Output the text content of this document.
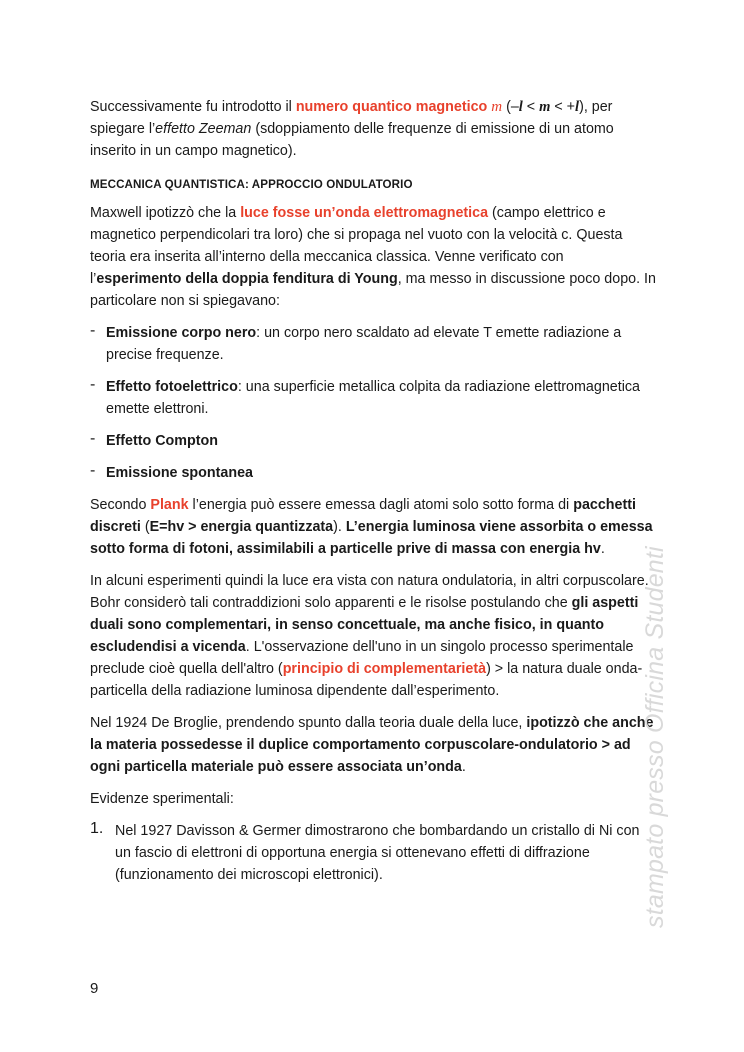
Successivamente fu introdotto il numero quantico magnetico m (–l < m < +l), per
spiegare l’effetto Zeeman (sdoppiamento delle frequenze di emissione di un atomo inserito in un campo magnetico).

MECCANICA QUANTISTICA: APPROCCIO ONDULATORIO

Maxwell ipotizzò che la luce fosse un’onda elettromagnetica (campo elettrico e magnetico perpendicolari tra loro) che si propaga nel vuoto con la velocità c. Questa teoria era inserita all’interno della meccanica classica. Venne verificato con l’esperimento della doppia fenditura di Young, ma messo in discussione poco dopo. In particolare non si spiegavano:

- Emissione corpo nero: un corpo nero scaldato ad elevate T emette radiazione a precise frequenze.

- Effetto fotoelettrico: una superficie metallica colpita da radiazione elettromagnetica emette elettroni.

- Effetto Compton

- Emissione spontanea

Secondo Plank l’energia può essere emessa dagli atomi solo sotto forma di pacchetti discreti (E=hv > energia quantizzata). L’energia luminosa viene assorbita o emessa sotto forma di fotoni, assimilabili a particelle prive di massa con energia hv.

In alcuni esperimenti quindi la luce era vista con natura ondulatoria, in altri corpuscolare. Bohr considerò tali contraddizioni solo apparenti e le risolse postulando che gli aspetti duali sono complementari, in senso concettuale, ma anche fisico, in quanto escludendisi a vicenda. L'osservazione dell'uno in un singolo processo sperimentale preclude cioè quella dell'altro (principio di complementarietà) > la natura duale onda-particella della radiazione luminosa dipendente dall’esperimento.

Nel 1924 De Broglie, prendendo spunto dalla teoria duale della luce, ipotizzò che anche la materia possedesse il duplice comportamento corpuscolare-ondulatorio > ad ogni particella materiale può essere associata un’onda.

Evidenze sperimentali:

1. Nel 1927 Davisson & Germer dimostrarono che bombardando un cristallo di Ni con un fascio di elettroni di opportuna energia si ottenevano effetti di diffrazione (funzionamento dei microscopi elettronici).	stampato presso Officina Studenti
9
